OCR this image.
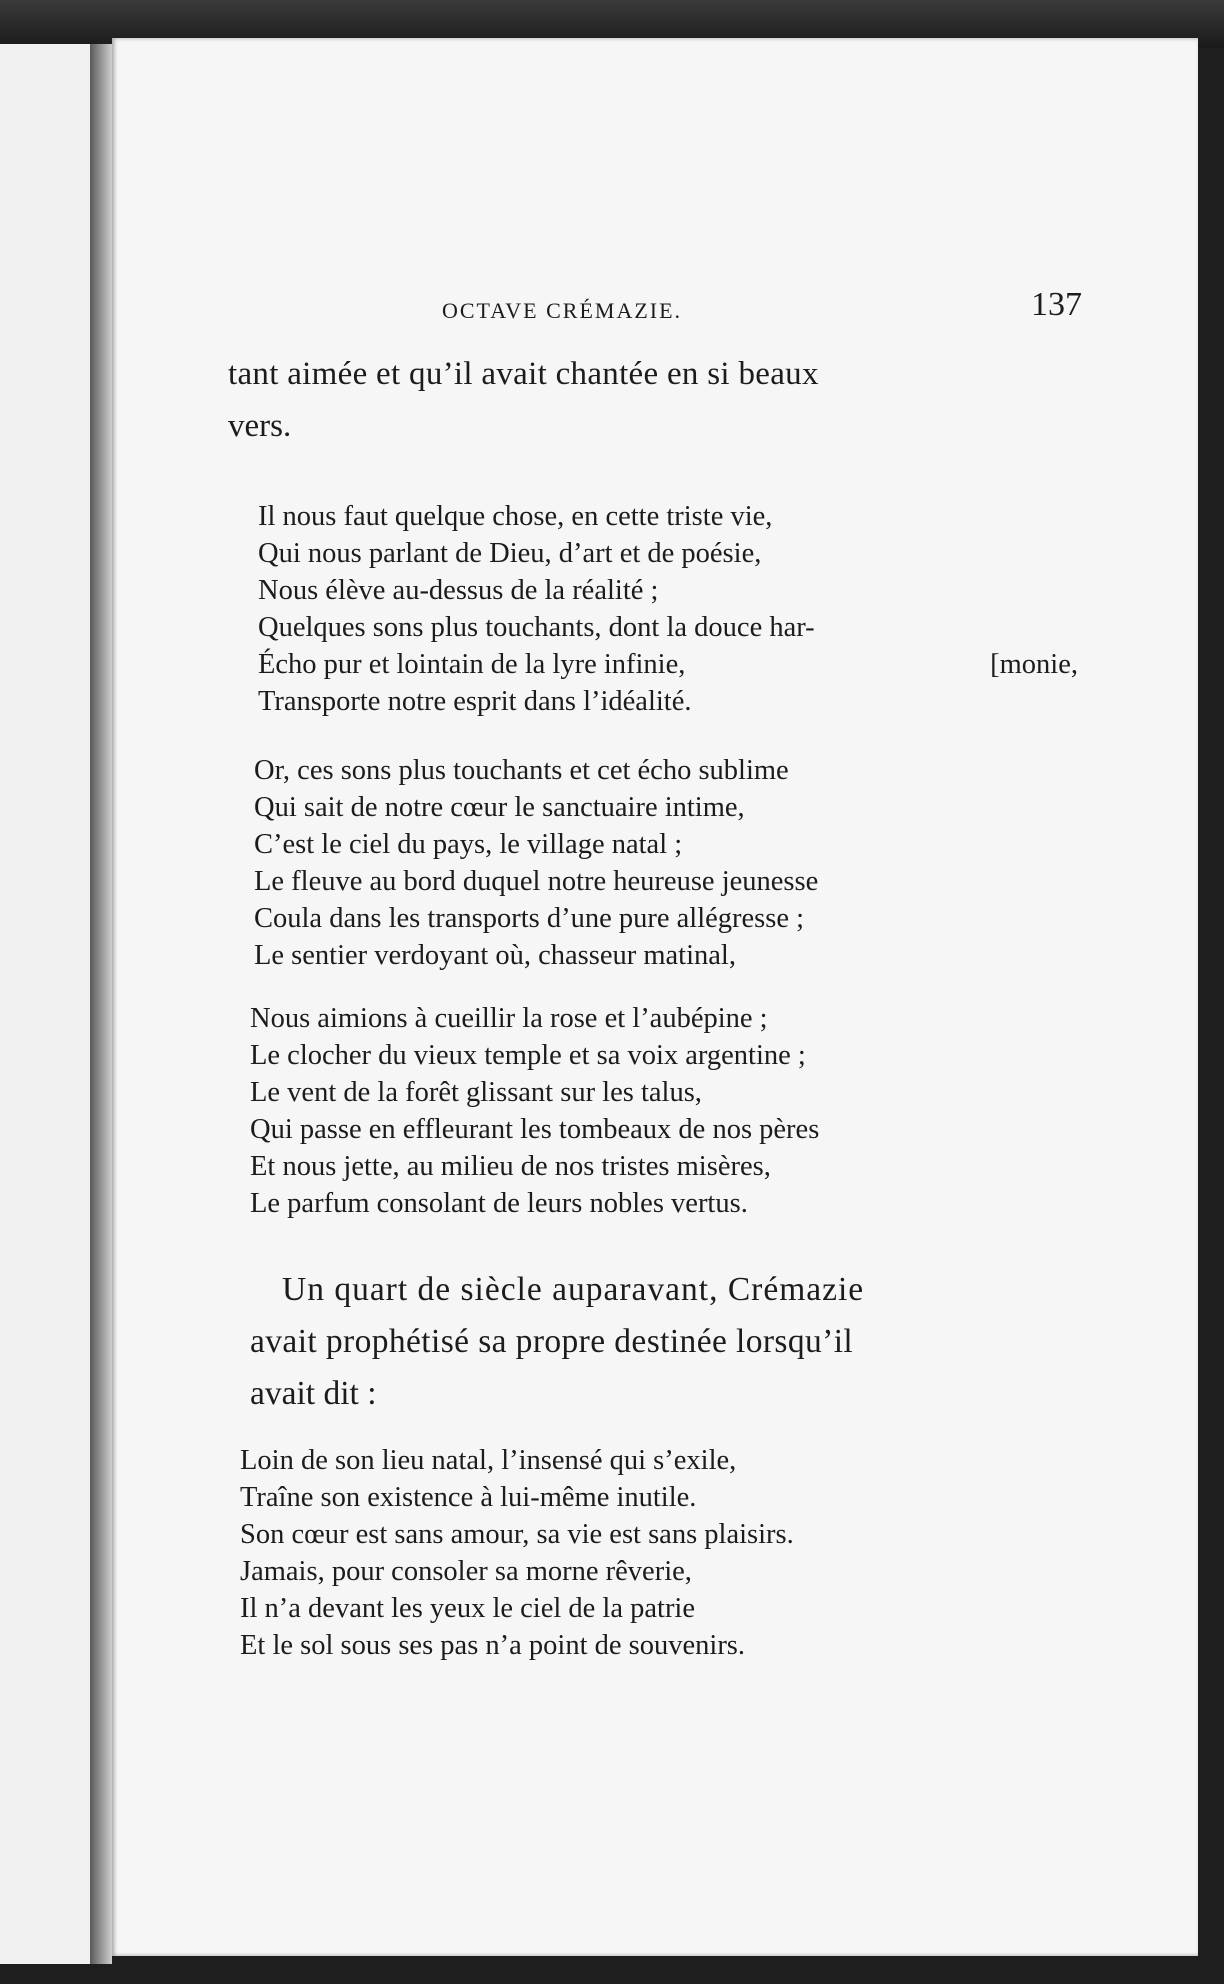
OCTAVE CRÉMAZIE.	137

tant aimée et qu’il avait chantée en si beaux

vers.

Il nous faut quelque chose, en cette triste vie,
Qui nous parlant de Dieu, d’art et de poésie,
Nous élève au-dessus de la réalité ;
Quelques sons plus touchants, dont la douce har-
Écho pur et lointain de la lyre infinie,	[monie,
Transporte notre esprit dans l’idéalité.
Or, ces sons plus touchants et cet écho sublime
Qui sait de notre cœur le sanctuaire intime,
C’est le ciel du pays, le village natal ;
Le fleuve au bord duquel notre heureuse jeunesse
Coula dans les transports d’une pure allégresse ;
Le sentier verdoyant où, chasseur matinal,
Nous aimions à cueillir la rose et l’aubépine ;
Le clocher du vieux temple et sa voix argentine ;
Le vent de la forêt glissant sur les talus,
Qui passe en effleurant les tombeaux de nos pères
Et nous jette, au milieu de nos tristes misères,
Le parfum consolant de leurs nobles vertus.

Un quart de siècle auparavant, Crémazie

avait prophétisé sa propre destinée lorsqu’il

avait dit :

Loin de son lieu natal, l’insensé qui s’exile,
Traîne son existence à lui-même inutile.
Son cœur est sans amour, sa vie est sans plaisirs.
Jamais, pour consoler sa morne rêverie,
Il n’a devant les yeux le ciel de la patrie
Et le sol sous ses pas n’a point de souvenirs.
